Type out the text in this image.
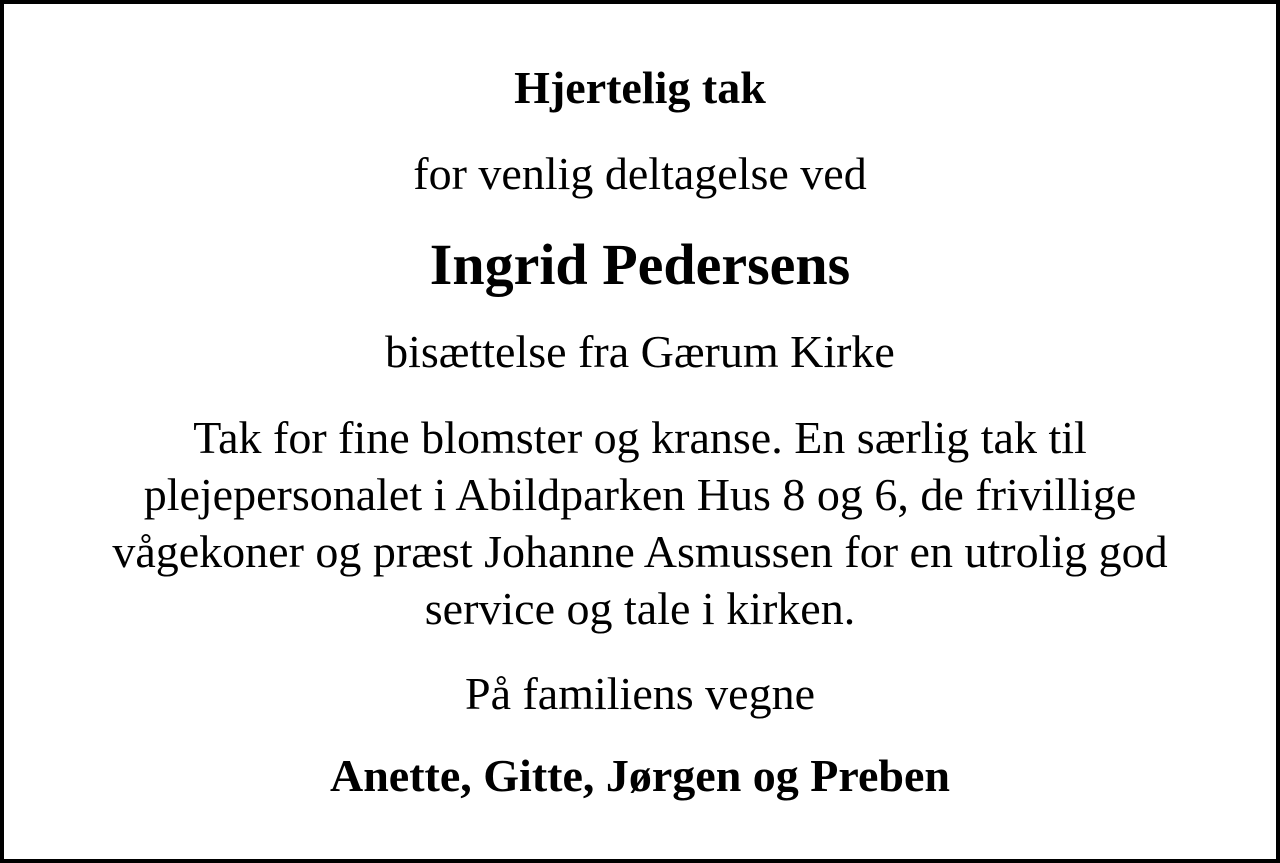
Hjertelig tak

for venlig deltagelse ved

Ingrid Pedersens

bisættelse fra Gærum Kirke

Tak for fine blomster og kranse. En særlig tak til
plejepersonalet i Abildparken Hus 8 og 6, de frivillige
vågekoner og præst Johanne Asmussen for en utrolig god
service og tale i kirken.

På familiens vegne

Anette, Gitte, Jørgen og Preben
